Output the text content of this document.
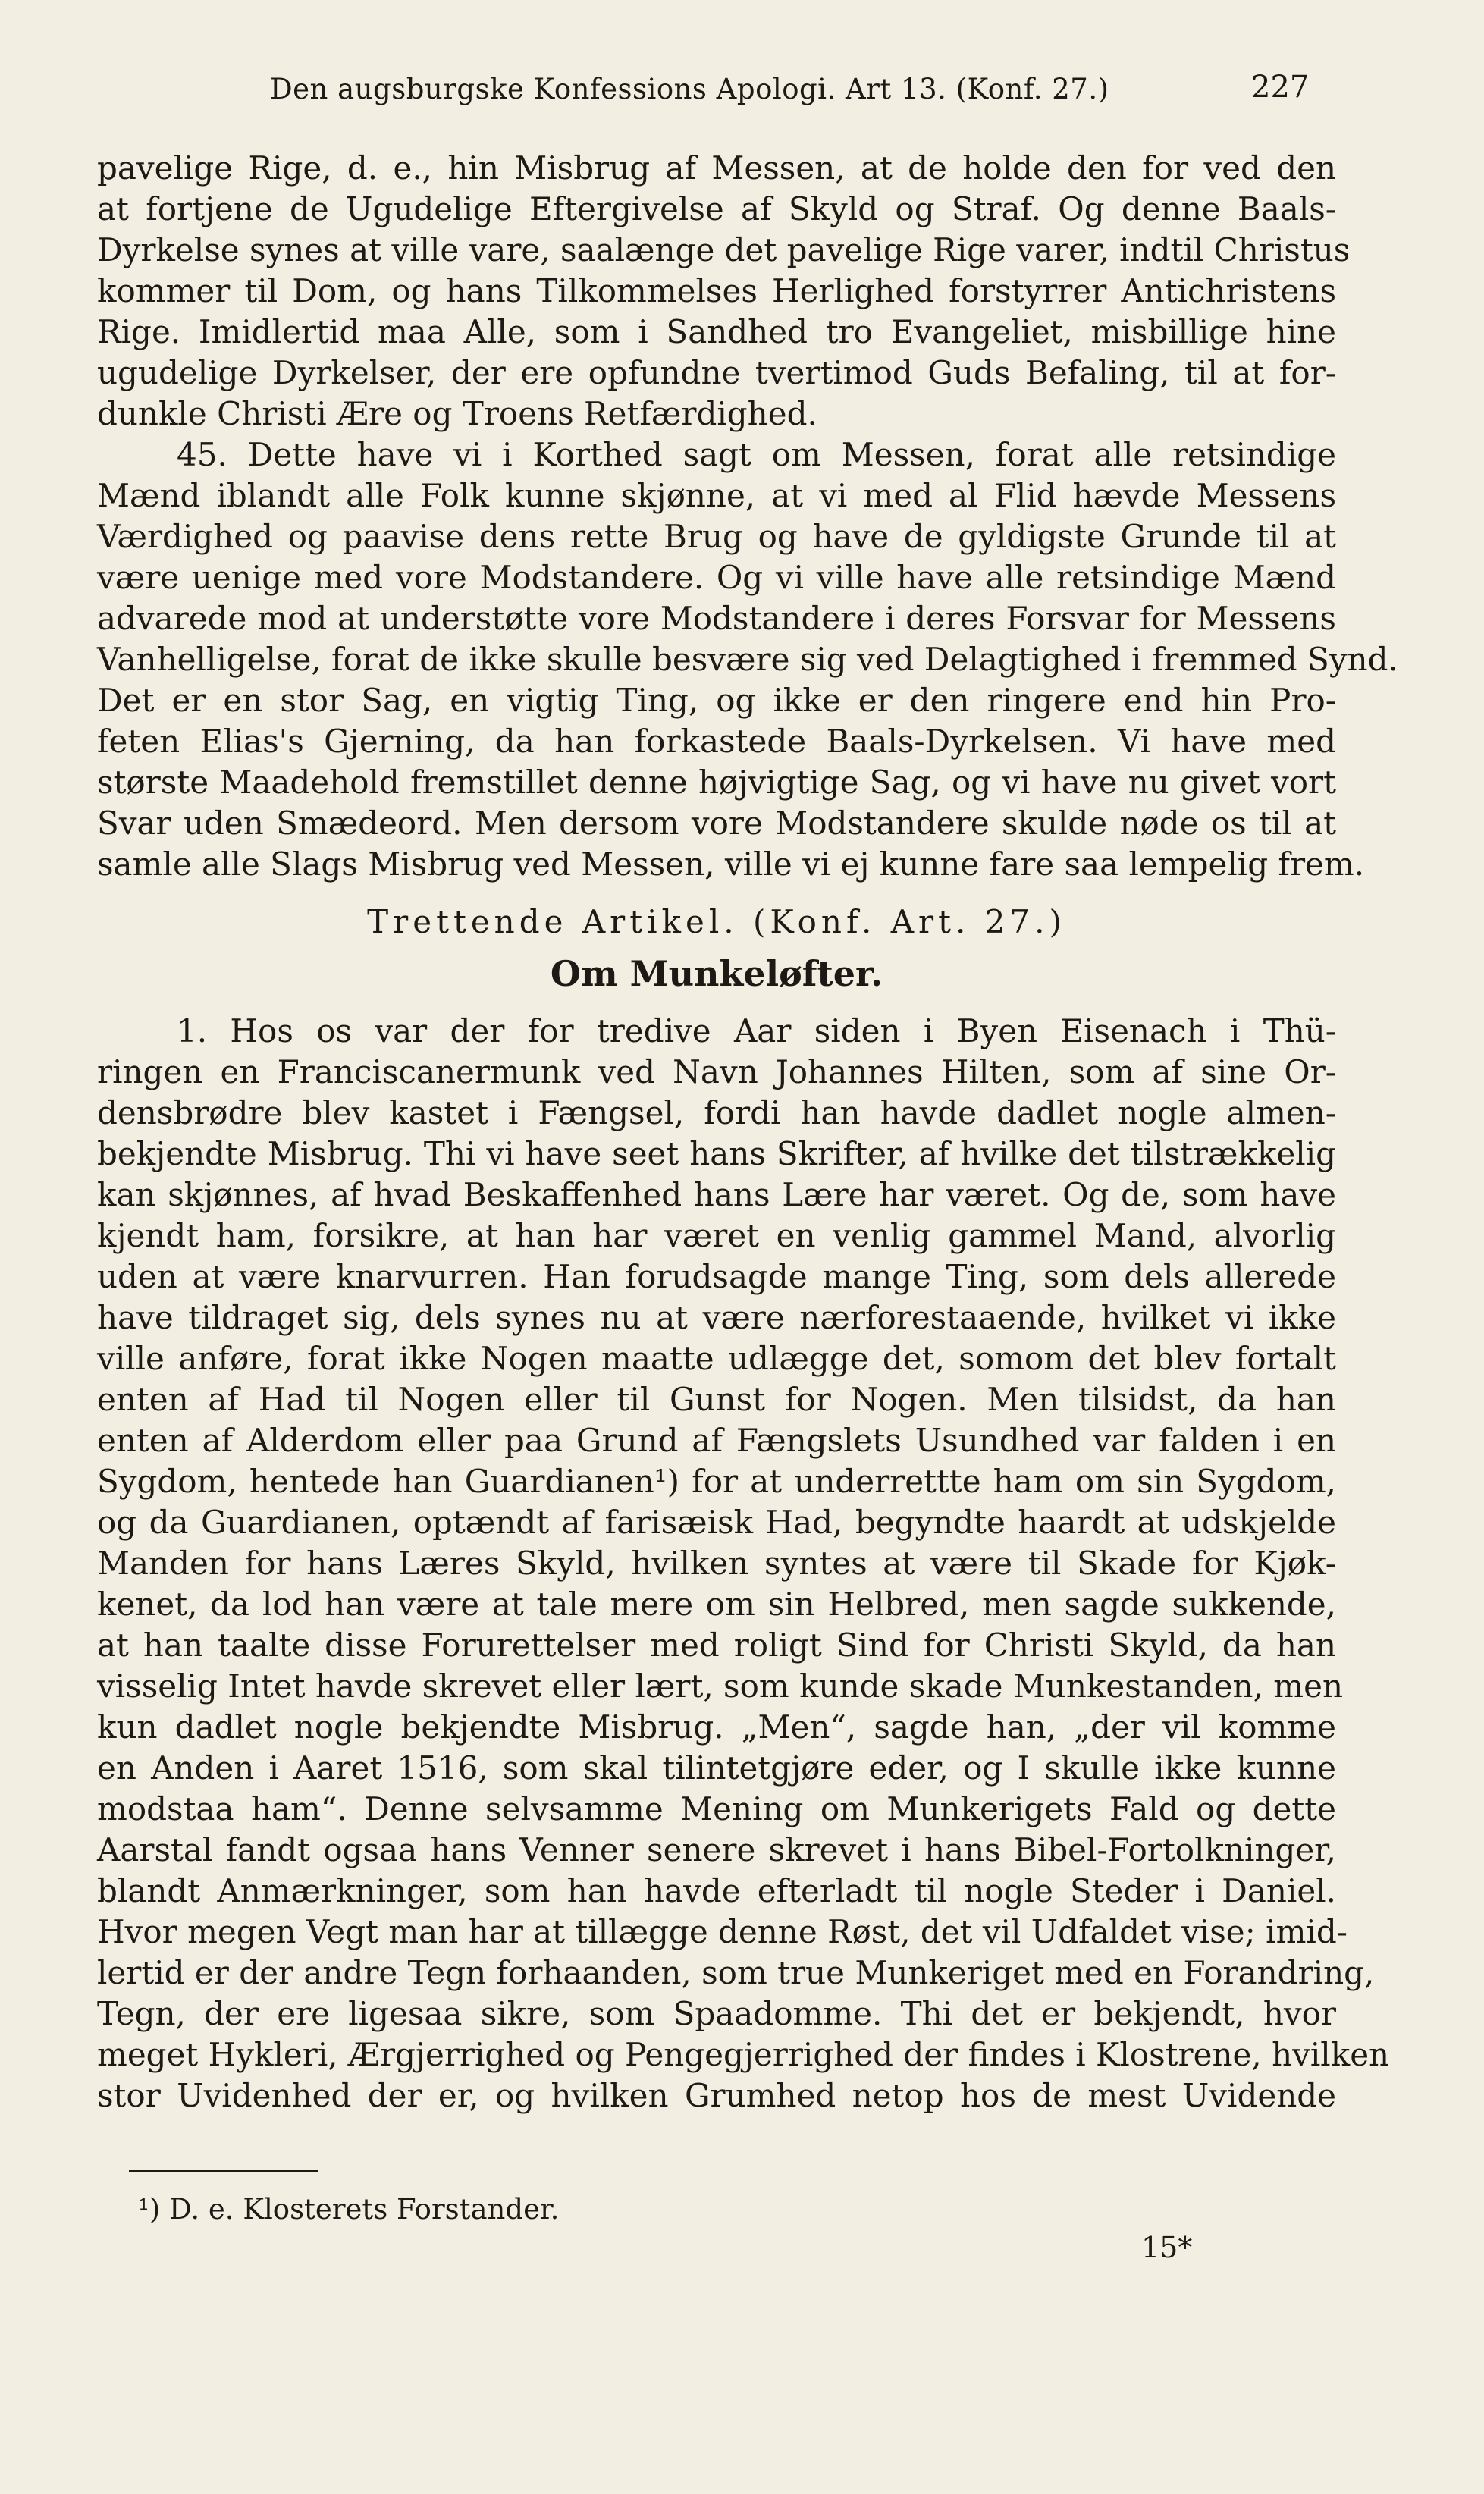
Den augsburgske Konfessions Apologi. Art 13. (Konf. 27.)	227
pavelige Rige, d. e., hin Misbrug af Messen, at de holde den for ved den
at fortjene de Ugudelige Eftergivelse af Skyld og Straf. Og denne Baals-
Dyrkelse synes at ville vare, saalænge det pavelige Rige varer, indtil Christus
kommer til Dom, og hans Tilkommelses Herlighed forstyrrer Antichristens
Rige. Imidlertid maa Alle, som i Sandhed tro Evangeliet, misbillige hine
ugudelige Dyrkelser, der ere opfundne tvertimod Guds Befaling, til at for-
dunkle Christi Ære og Troens Retfærdighed.
45. Dette have vi i Korthed sagt om Messen, forat alle retsindige
Mænd iblandt alle Folk kunne skjønne, at vi med al Flid hævde Messens
Værdighed og paavise dens rette Brug og have de gyldigste Grunde til at
være uenige med vore Modstandere. Og vi ville have alle retsindige Mænd
advarede mod at understøtte vore Modstandere i deres Forsvar for Messens
Vanhelligelse, forat de ikke skulle besvære sig ved Delagtighed i fremmed Synd.
Det er en stor Sag, en vigtig Ting, og ikke er den ringere end hin Pro-
feten Elias's Gjerning, da han forkastede Baals-Dyrkelsen. Vi have med
største Maadehold fremstillet denne højvigtige Sag, og vi have nu givet vort
Svar uden Smædeord. Men dersom vore Modstandere skulde nøde os til at
samle alle Slags Misbrug ved Messen, ville vi ej kunne fare saa lempelig frem.
Trettende Artikel. (Konf. Art. 27.)
Om Munkeløfter.
1. Hos os var der for tredive Aar siden i Byen Eisenach i Thü-
ringen en Franciscanermunk ved Navn Johannes Hilten, som af sine Or-
densbrødre blev kastet i Fængsel, fordi han havde dadlet nogle almen-
bekjendte Misbrug. Thi vi have seet hans Skrifter, af hvilke det tilstrækkelig
kan skjønnes, af hvad Beskaffenhed hans Lære har været. Og de, som have
kjendt ham, forsikre, at han har været en venlig gammel Mand, alvorlig
uden at være knarvurren. Han forudsagde mange Ting, som dels allerede
have tildraget sig, dels synes nu at være nærforestaaende, hvilket vi ikke
ville anføre, forat ikke Nogen maatte udlægge det, somom det blev fortalt
enten af Had til Nogen eller til Gunst for Nogen. Men tilsidst, da han
enten af Alderdom eller paa Grund af Fængslets Usundhed var falden i en
Sygdom, hentede han Guardianen¹) for at underrettte ham om sin Sygdom,
og da Guardianen, optændt af farisæisk Had, begyndte haardt at udskjelde
Manden for hans Læres Skyld, hvilken syntes at være til Skade for Kjøk-
kenet, da lod han være at tale mere om sin Helbred, men sagde sukkende,
at han taalte disse Forurettelser med roligt Sind for Christi Skyld, da han
visselig Intet havde skrevet eller lært, som kunde skade Munkestanden, men
kun dadlet nogle bekjendte Misbrug. „Men“, sagde han, „der vil komme
en Anden i Aaret 1516, som skal tilintetgjøre eder, og I skulle ikke kunne
modstaa ham“. Denne selvsamme Mening om Munkerigets Fald og dette
Aarstal fandt ogsaa hans Venner senere skrevet i hans Bibel-Fortolkninger,
blandt Anmærkninger, som han havde efterladt til nogle Steder i Daniel.
Hvor megen Vegt man har at tillægge denne Røst, det vil Udfaldet vise; imid-
lertid er der andre Tegn forhaanden, som true Munkeriget med en Forandring,
Tegn, der ere ligesaa sikre, som Spaadomme. Thi det er bekjendt, hvor
meget Hykleri, Ærgjerrighed og Pengegjerrighed der findes i Klostrene, hvilken
stor Uvidenhed der er, og hvilken Grumhed netop hos de mest Uvidende
¹) D. e. Klosterets Forstander.
15*
